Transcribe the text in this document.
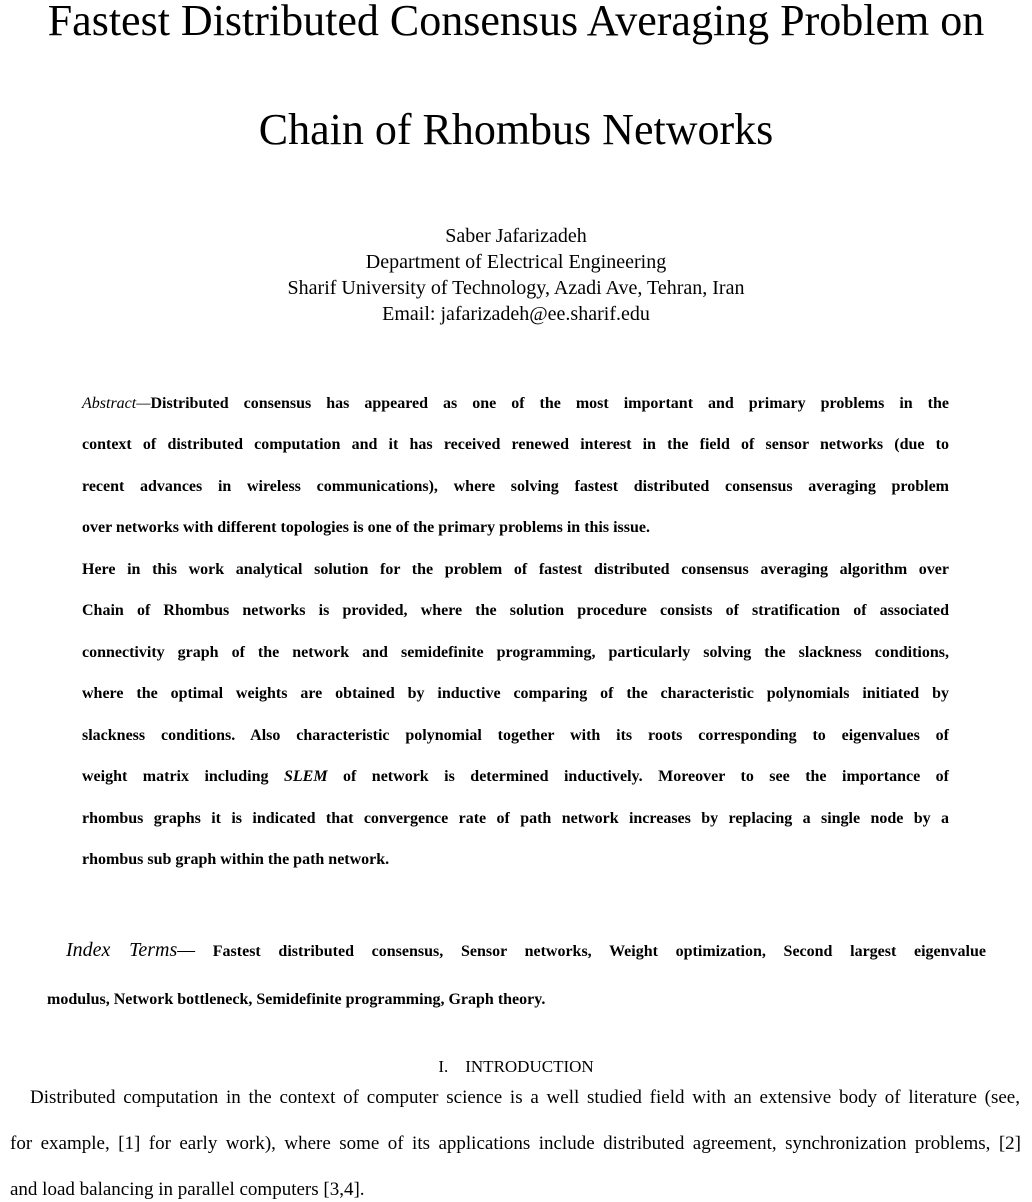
Fastest Distributed Consensus Averaging Problem on
Chain of Rhombus Networks
Saber Jafarizadeh
Department of Electrical Engineering
Sharif University of Technology, Azadi Ave, Tehran, Iran
Email: jafarizadeh@ee.sharif.edu
Abstract—Distributed consensus has appeared as one of the most important and primary problems in the
context of distributed computation and it has received renewed interest in the field of sensor networks (due to
recent advances in wireless communications), where solving fastest distributed consensus averaging problem
over networks with different topologies is one of the primary problems in this issue.
Here in this work analytical solution for the problem of fastest distributed consensus averaging algorithm over
Chain of Rhombus networks is provided, where the solution procedure consists of stratification of associated
connectivity graph of the network and semidefinite programming, particularly solving the slackness conditions,
where the optimal weights are obtained by inductive comparing of the characteristic polynomials initiated by
slackness conditions. Also characteristic polynomial together with its roots corresponding to eigenvalues of
weight matrix including SLEM of network is determined inductively. Moreover to see the importance of
rhombus graphs it is indicated that convergence rate of path network increases by replacing a single node by a
rhombus sub graph within the path network.
Index Terms— Fastest distributed consensus, Sensor networks, Weight optimization, Second largest eigenvalue
modulus, Network bottleneck, Semidefinite programming, Graph theory.
I. INTRODUCTION
Distributed computation in the context of computer science is a well studied field with an extensive body of literature (see,
for example, [1] for early work), where some of its applications include distributed agreement, synchronization problems, [2]
and load balancing in parallel computers [3,4].
